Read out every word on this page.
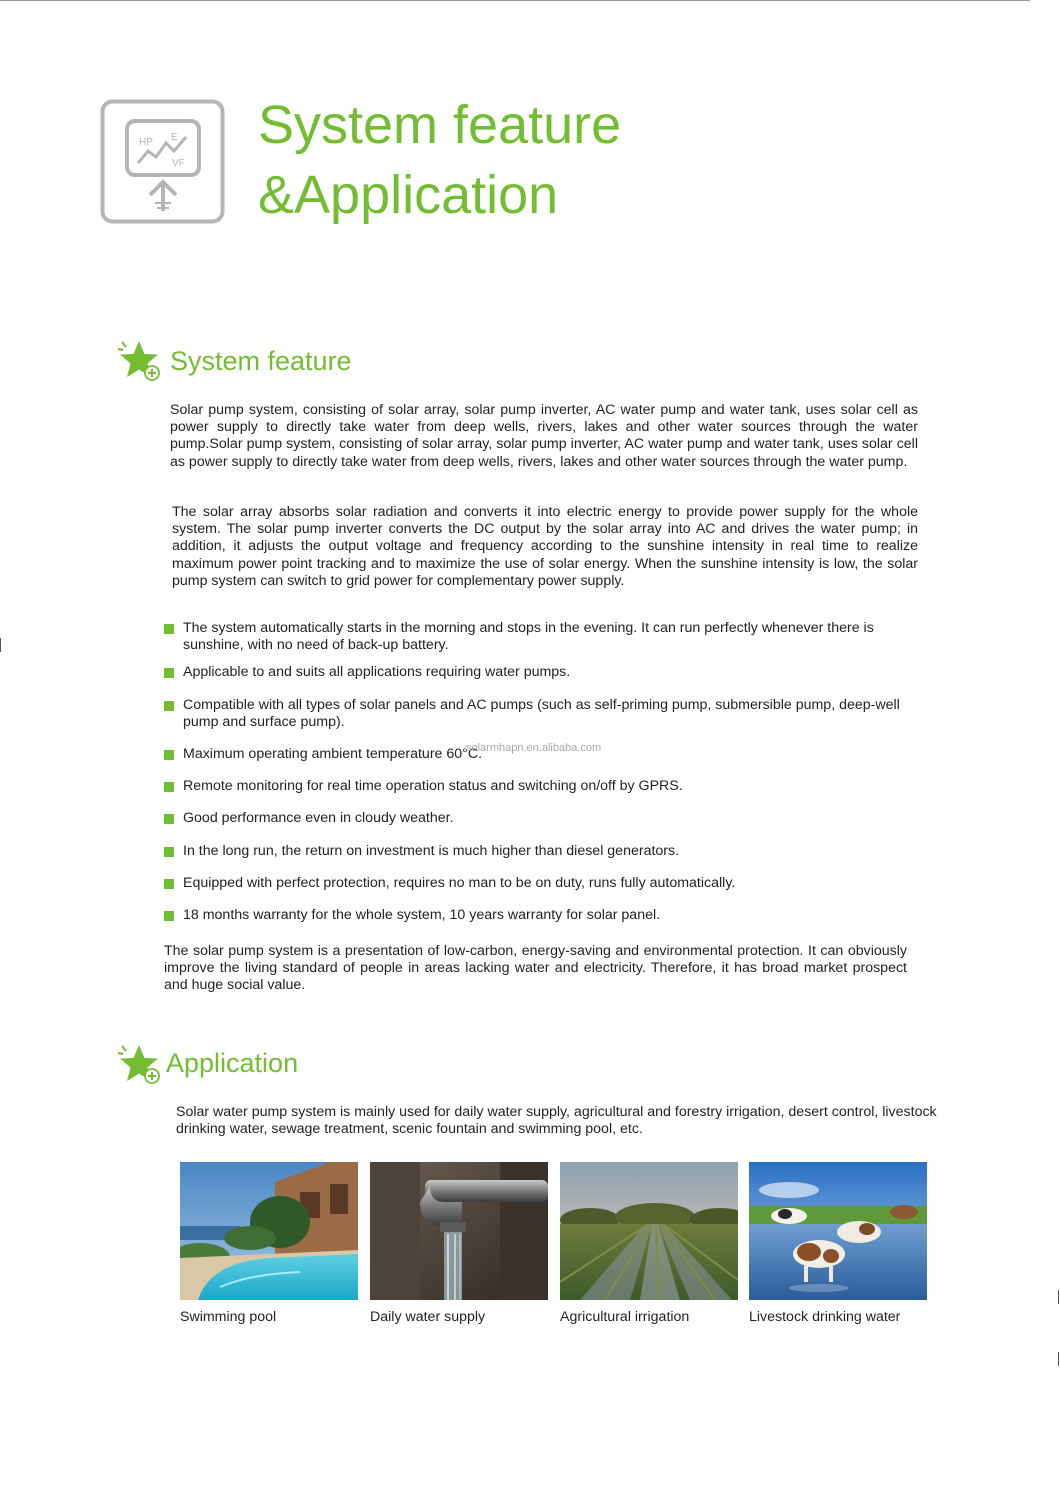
HP E
VF
System feature
&Application
System feature

Solar pump system, consisting of solar array, solar pump inverter, AC water pump and water tank, uses solar cell as power supply to directly take water from deep wells, rivers, lakes and other water sources through the water pump.Solar pump system, consisting of solar array, solar pump inverter, AC water pump and water tank, uses solar cell as power supply to directly take water from deep wells, rivers, lakes and other water sources through the water pump.

The solar array absorbs solar radiation and converts it into electric energy to provide power supply for the whole system. The solar pump inverter converts the DC output by the solar array into AC and drives the water pump; in addition, it adjusts the output voltage and frequency according to the sunshine intensity in real time to realize maximum power point tracking and to maximize the use of solar energy. When the sunshine intensity is low, the solar pump system can switch to grid power for complementary power supply.

The system automatically starts in the morning and stops in the evening. It can run perfectly whenever there is sunshine, with no need of back-up battery.
Applicable to and suits all applications requiring water pumps.
Compatible with all types of solar panels and AC pumps (such as self-priming pump, submersible pump, deep-well pump and surface pump).
Maximum operating ambient temperature 60°C.
Remote monitoring for real time operation status and switching on/off by GPRS.
Good performance even in cloudy weather.
In the long run, the return on investment is much higher than diesel generators.
Equipped with perfect protection, requires no man to be on duty, runs fully automatically.
18 months warranty for the whole system, 10 years warranty for solar panel.
solarmhapn.en.alibaba.com

The solar pump system is a presentation of low-carbon, energy-saving and environmental protection. It can obviously improve the living standard of people in areas lacking water and electricity. Therefore, it has broad market prospect and huge social value.

Application

Solar water pump system is mainly used for daily water supply, agricultural and forestry irrigation, desert control, livestock drinking water, sewage treatment, scenic fountain and swimming pool, etc.

Swimming pool	Daily water supply	Agricultural irrigation	Livestock drinking water
